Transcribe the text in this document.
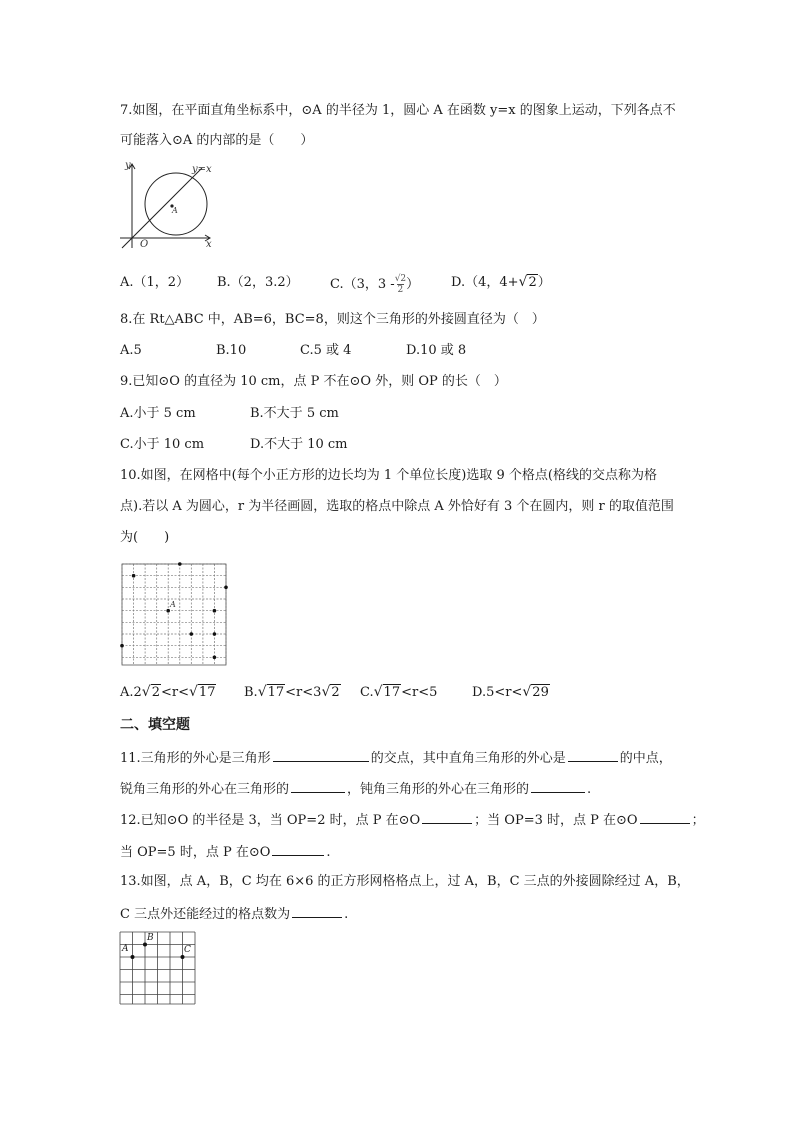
7.如图，在平面直角坐标系中，⊙A 的半径为 1，圆心 A 在函数 y=x 的图象上运动，下列各点不
可能落入⊙A 的内部的是（　　）
y
x
O
y=x
A
A.（1，2） B.（2，3.2） C.（3，$3 - \frac{√2}{2}$ ） D.（4，4+ √ 2 ）
8.在 Rt△ABC 中，AB=6，BC=8，则这个三角形的外接圆直径为（　）
A.5	B.10	C.5 或 4	D.10 或 8
9.已知⊙O 的直径为 10 cm，点 P 不在⊙O 外，则 OP 的长（　）
A.小于 5 cm	B.不大于 5 cm
C.小于 10 cm	D.不大于 10 cm
10.如图，在网格中(每个小正方形的边长均为 1 个单位长度)选取 9 个格点(格线的交点称为格
点).若以 A 为圆心，r 为半径画圆，选取的格点中除点 A 外恰好有 3 个在圆内，则 r 的取值范围
为(　　)
A
A.2 √ 2 <r< √ 17 B. √ 17 <r<3 √ 2 C. √ 17 <r<5	D.5<r< √ 29
二、填空题
11.三角形的外心是三角形	的交点，其中直角三角形的外心是	的中点，
锐角三角形的外心在三角形的	，钝角三角形的外心在三角形的	.
12.已知⊙O 的半径是 3，当 OP=2 时，点 P 在⊙O	；当 OP=3 时，点 P 在⊙O	；
当 OP=5 时，点 P 在⊙O	.
13.如图，点 A，B，C 均在 6×6 的正方形网格格点上，过 A，B，C 三点的外接圆除经过 A，B，
C 三点外还能经过的格点数为	.
A
B
C
